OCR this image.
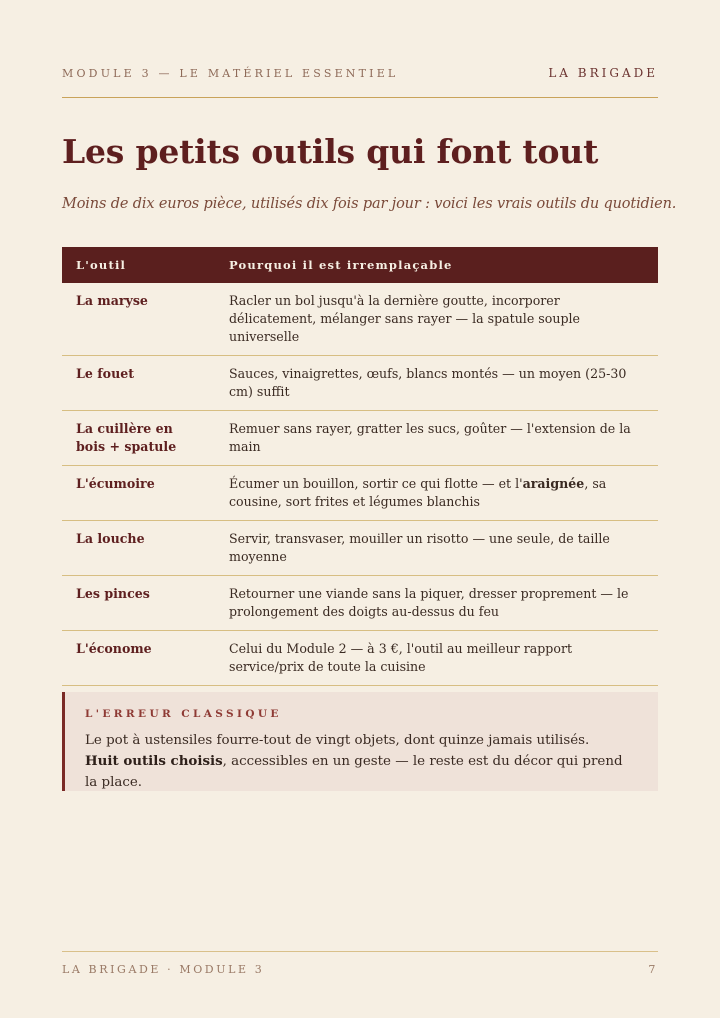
MODULE 3 — LE MATÉRIEL ESSENTIEL	LA BRIGADE
Les petits outils qui font tout

Moins de dix euros pièce, utilisés dix fois par jour : voici les vrais outils du quotidien.

L'outil	Pourquoi il est irremplaçable
La maryse	Racler un bol jusqu'à la dernière goutte, incorporer délicatement, mélanger sans rayer — la spatule souple universelle
Le fouet	Sauces, vinaigrettes, œufs, blancs montés — un moyen (25-30 cm) suffit
La cuillère en bois + spatule	Remuer sans rayer, gratter les sucs, goûter — l'extension de la main
L'écumoire	Écumer un bouillon, sortir ce qui flotte — et l'araignée, sa cousine, sort frites et légumes blanchis
La louche	Servir, transvaser, mouiller un risotto — une seule, de taille moyenne
Les pinces	Retourner une viande sans la piquer, dresser proprement — le prolongement des doigts au-dessus du feu
L'économe	Celui du Module 2 — à 3 €, l'outil au meilleur rapport service/prix de toute la cuisine

L'ERREUR CLASSIQUE
Le pot à ustensiles fourre-tout de vingt objets, dont quinze jamais utilisés. Huit outils choisis, accessibles en un geste — le reste est du décor qui prend la place.
LA BRIGADE · MODULE 3	7
